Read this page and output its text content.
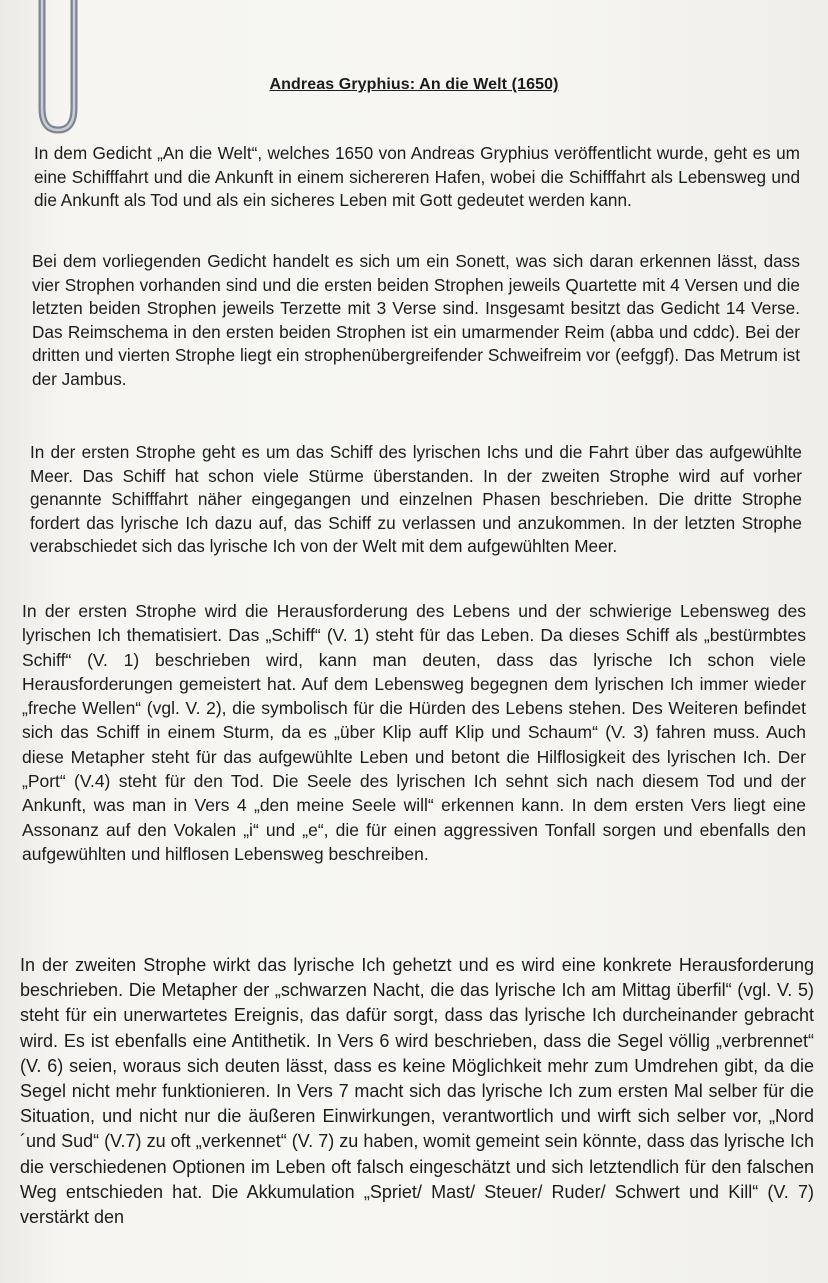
Andreas Gryphius: An die Welt (1650)

In dem Gedicht „An die Welt“, welches 1650 von Andreas Gryphius veröffentlicht wurde, geht es um eine Schifffahrt und die Ankunft in einem sichereren Hafen, wobei die Schifffahrt als Lebensweg und die Ankunft als Tod und als ein sicheres Leben mit Gott gedeutet werden kann.

Bei dem vorliegenden Gedicht handelt es sich um ein Sonett, was sich daran erkennen lässt, dass vier Strophen vorhanden sind und die ersten beiden Strophen jeweils Quartette mit 4 Versen und die letzten beiden Strophen jeweils Terzette mit 3 Verse sind. Insgesamt besitzt das Gedicht 14 Verse. Das Reimschema in den ersten beiden Strophen ist ein umarmender Reim (abba und cddc). Bei der dritten und vierten Strophe liegt ein strophenübergreifender Schweifreim vor (eefggf). Das Metrum ist der Jambus.

In der ersten Strophe geht es um das Schiff des lyrischen Ichs und die Fahrt über das aufgewühlte Meer. Das Schiff hat schon viele Stürme überstanden. In der zweiten Strophe wird auf vorher genannte Schifffahrt näher eingegangen und einzelnen Phasen beschrieben. Die dritte Strophe fordert das lyrische Ich dazu auf, das Schiff zu verlassen und anzukommen. In der letzten Strophe verabschiedet sich das lyrische Ich von der Welt mit dem aufgewühlten Meer.

In der ersten Strophe wird die Herausforderung des Lebens und der schwierige Lebensweg des lyrischen Ich thematisiert. Das „Schiff“ (V. 1) steht für das Leben. Da dieses Schiff als „bestürmbtes Schiff“ (V. 1) beschrieben wird, kann man deuten, dass das lyrische Ich schon viele Herausforderungen gemeistert hat. Auf dem Lebensweg begegnen dem lyrischen Ich immer wieder „freche Wellen“ (vgl. V. 2), die symbolisch für die Hürden des Lebens stehen. Des Weiteren befindet sich das Schiff in einem Sturm, da es „über Klip auff Klip und Schaum“ (V. 3) fahren muss. Auch diese Metapher steht für das aufgewühlte Leben und betont die Hilflosigkeit des lyrischen Ich. Der „Port“ (V.4) steht für den Tod. Die Seele des lyrischen Ich sehnt sich nach diesem Tod und der Ankunft, was man in Vers 4 „den meine Seele will“ erkennen kann. In dem ersten Vers liegt eine Assonanz auf den Vokalen „i“ und „e“, die für einen aggressiven Tonfall sorgen und ebenfalls den aufgewühlten und hilflosen Lebensweg beschreiben.

In der zweiten Strophe wirkt das lyrische Ich gehetzt und es wird eine konkrete Herausforderung beschrieben. Die Metapher der „schwarzen Nacht, die das lyrische Ich am Mittag überfil“ (vgl. V. 5) steht für ein unerwartetes Ereignis, das dafür sorgt, dass das lyrische Ich durcheinander gebracht wird. Es ist ebenfalls eine Antithetik. In Vers 6 wird beschrieben, dass die Segel völlig „verbrennet“ (V. 6) seien, woraus sich deuten lässt, dass es keine Möglichkeit mehr zum Umdrehen gibt, da die Segel nicht mehr funktionieren. In Vers 7 macht sich das lyrische Ich zum ersten Mal selber für die Situation, und nicht nur die äußeren Einwirkungen, verantwortlich und wirft sich selber vor, „Nord´und Sud“ (V.7) zu oft „verkennet“ (V. 7) zu haben, womit gemeint sein könnte, dass das lyrische Ich die verschiedenen Optionen im Leben oft falsch eingeschätzt und sich letztendlich für den falschen Weg entschieden hat. Die Akkumulation „Spriet/ Mast/ Steuer/ Ruder/ Schwert und Kill“ (V. 7) verstärkt den
